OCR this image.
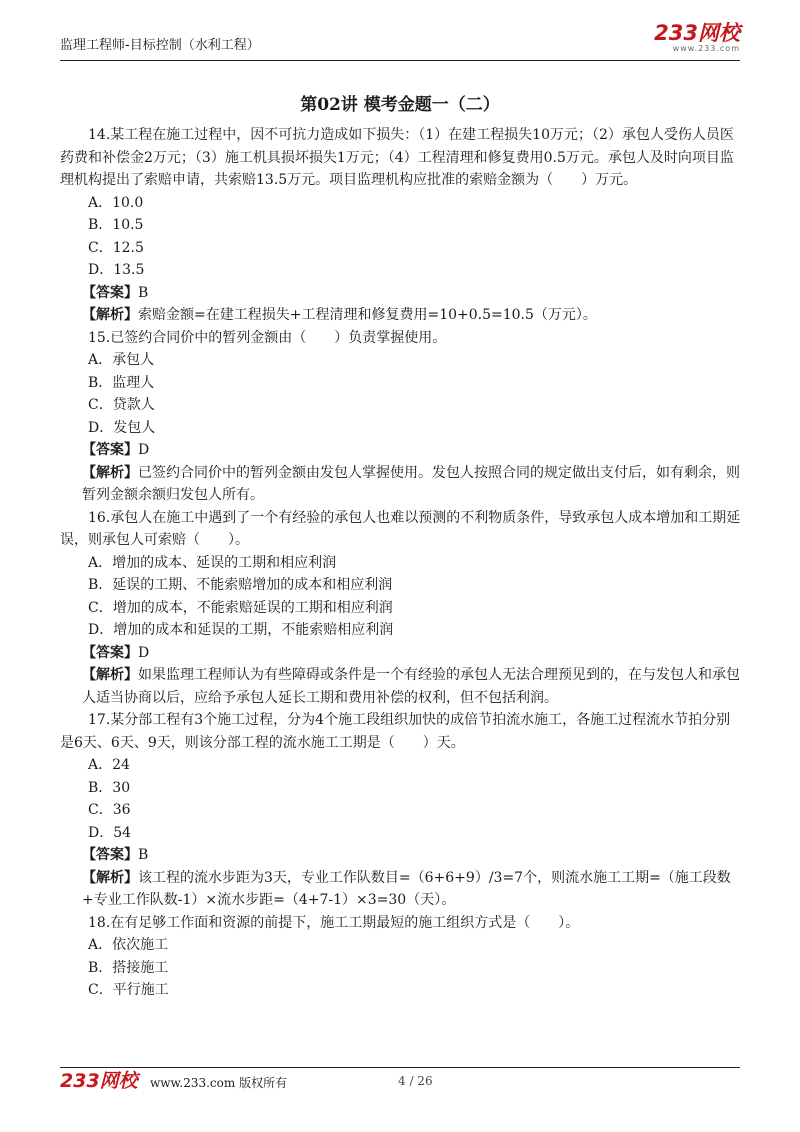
监理工程师-目标控制（水利工程）
233网校
www.233.com
第02讲 模考金题一（二）

14.某工程在施工过程中，因不可抗力造成如下损失：（1）在建工程损失10万元；（2）承包人受伤人员医药费和补偿金2万元；（3）施工机具损坏损失1万元；（4）工程清理和修复费用0.5万元。承包人及时向项目监理机构提出了索赔申请，共索赔13.5万元。项目监理机构应批准的索赔金额为（　　）万元。

A．10.0

B．10.5

C．12.5

D．13.5

【答案】B

【解析】索赔金额=在建工程损失+工程清理和修复费用=10+0.5=10.5（万元）。

15.已签约合同价中的暂列金额由（　　）负责掌握使用。

A．承包人

B．监理人

C．贷款人

D．发包人

【答案】D

【解析】已签约合同价中的暂列金额由发包人掌握使用。发包人按照合同的规定做出支付后，如有剩余，则暂列金额余额归发包人所有。

16.承包人在施工中遇到了一个有经验的承包人也难以预测的不利物质条件，导致承包人成本增加和工期延误，则承包人可索赔（　　）。

A．增加的成本、延误的工期和相应利润

B．延误的工期、不能索赔增加的成本和相应利润

C．增加的成本，不能索赔延误的工期和相应利润

D．增加的成本和延误的工期，不能索赔相应利润

【答案】D

【解析】如果监理工程师认为有些障碍或条件是一个有经验的承包人无法合理预见到的，在与发包人和承包人适当协商以后，应给予承包人延长工期和费用补偿的权利，但不包括利润。

17.某分部工程有3个施工过程，分为4个施工段组织加快的成倍节拍流水施工，各施工过程流水节拍分别是6天、6天、9天，则该分部工程的流水施工工期是（　　）天。

A．24

B．30

C．36

D．54

【答案】B

【解析】该工程的流水步距为3天，专业工作队数目=（6+6+9）/3=7个，则流水施工工期=（施工段数+专业工作队数-1）×流水步距=（4+7-1）×3=30（天）。

18.在有足够工作面和资源的前提下，施工工期最短的施工组织方式是（　　）。

A．依次施工

B．搭接施工

C．平行施工

233网校 www.233.com 版权所有	4 / 26
